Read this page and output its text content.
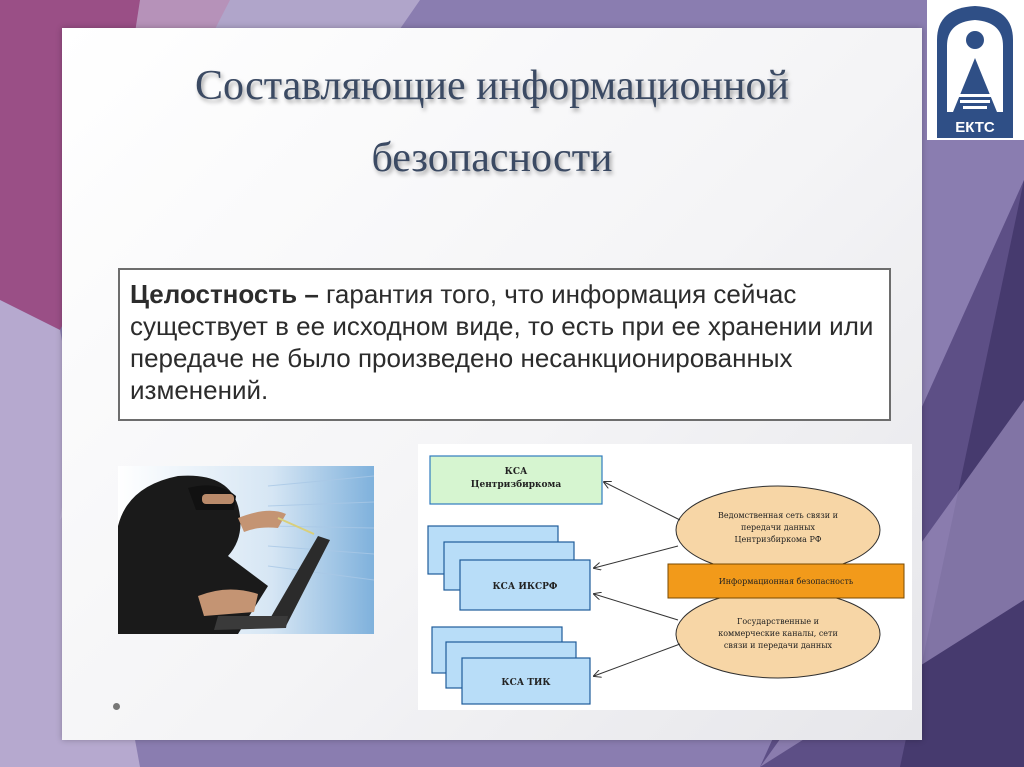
Составляющие информационной
безопасности
ЕКТС
Целостность – гарантия того, что информация сейчас существует в ее исходном виде, то есть при ее хранении или передаче не было произведено несанкционированных изменений.
КСА
Центризбиркома
КСА ИКСРФ
КСА ТИК
Ведомственная сеть связи и
передачи данных
Центризбиркома РФ
Государственные и
коммерческие каналы, сети
связи и передачи данных
Информационная безопасность
